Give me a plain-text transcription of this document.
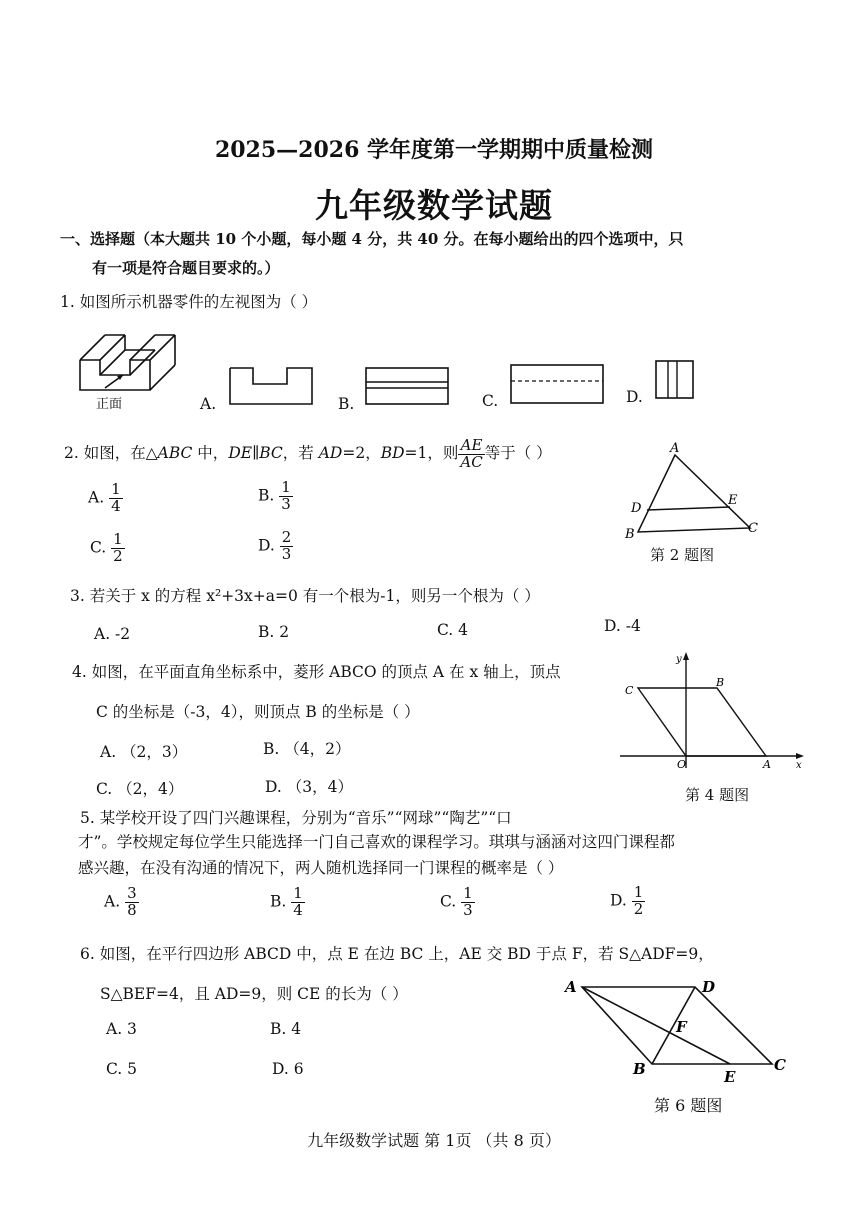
2025—2026 学年度第一学期期中质量检测
九年级数学试题
一、选择题（本大题共 10 个小题，每小题 4 分，共 40 分。在每小题给出的四个选项中，只
有一项是符合题目要求的。）
1. 如图所示机器零件的左视图为（ ）
正面	A.	B.	C.	D.
2. 如图，在△ABC 中，DE∥BC，若 AD=2，BD=1，则 $\frac{AE}{AC}$ 等于（ ）
A. $\frac{1}{4}$	B. $\frac{1}{3}$
C. $\frac{1}{2}$	D. $\frac{2}{3}$
A
D
E
B	C
第 2 题图
3. 若关于 x 的方程 x²+3x+a=0 有一个根为-1，则另一个根为（ ）
A. -2	B. 2	C. 4	D. -4
4. 如图，在平面直角坐标系中，菱形 ABCO 的顶点 A 在 x 轴上，顶点
C 的坐标是（-3，4），则顶点 B 的坐标是（ ）
A. （2，3）	B. （4，2）
C. （2，4）	D. （3，4）
y
C
B
O	A	x
第 4 题图
5. 某学校开设了四门兴趣课程，分别为“音乐”“网球”“陶艺”“口
才”。学校规定每位学生只能选择一门自己喜欢的课程学习。琪琪与涵涵对这四门课程都
感兴趣，在没有沟通的情况下，两人随机选择同一门课程的概率是（ ）
A. $\frac{3}{8}$	B. $\frac{1}{4}$	C. $\frac{1}{3}$	D. $\frac{1}{2}$
6. 如图，在平行四边形 ABCD 中，点 E 在边 BC 上，AE 交 BD 于点 F，若 S△ADF=9，
S△BEF=4，且 AD=9，则 CE 的长为（ ）
A. 3	B. 4
C. 5	D. 6
A	D
F
B	E
C
第 6 题图
九年级数学试题 第 1页 （共 8 页）
